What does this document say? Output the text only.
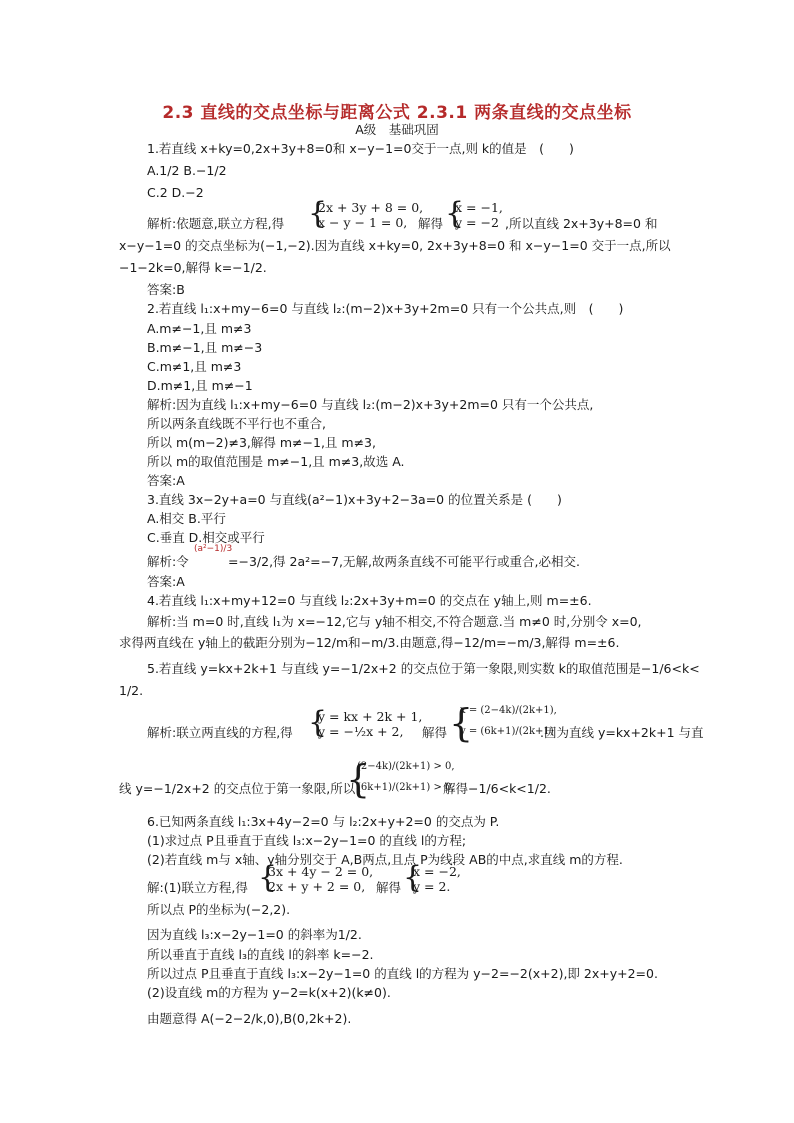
2.3 直线的交点坐标与距离公式 2.3.1 两条直线的交点坐标
A级　基础巩固
1.若直线 x+ky=0,2x+3y+8=0和 x−y−1=0交于一点,则 k的值是　(　　)
A.1/2 B.−1/2
C.2 D.−2
解析:依题意,联立方程,得 {
2x + 3y + 8 = 0,
x − y − 1 = 0, 解得 {
x = −1,
y = −2 ,所以直线 2x+3y+8=0 和
x−y−1=0 的交点坐标为(−1,−2).因为直线 x+ky=0, 2x+3y+8=0 和 x−y−1=0 交于一点,所以
−1−2k=0,解得 k=−1/2.
答案:B
2.若直线 l₁:x+my−6=0 与直线 l₂:(m−2)x+3y+2m=0 只有一个公共点,则　(　　)
A.m≠−1,且 m≠3
B.m≠−1,且 m≠−3
C.m≠1,且 m≠3
D.m≠1,且 m≠−1
解析:因为直线 l₁:x+my−6=0 与直线 l₂:(m−2)x+3y+2m=0 只有一个公共点,
所以两条直线既不平行也不重合,
所以 m(m−2)≠3,解得 m≠−1,且 m≠3,
所以 m的取值范围是 m≠−1,且 m≠3,故选 A.
答案:A
3.直线 3x−2y+a=0 与直线(a²−1)x+3y+2−3a=0 的位置关系是 (　　)
A.相交 B.平行
C.垂直 D.相交或平行
解析:令
(a²−1)/3
=−3/2,得 2a²=−7,无解,故两条直线不可能平行或重合,必相交.
答案:A
4.若直线 l₁:x+my+12=0 与直线 l₂:2x+3y+m=0 的交点在 y轴上,则 m=±6.
解析:当 m=0 时,直线 l₁为 x=−12,它与 y轴不相交,不符合题意.当 m≠0 时,分别令 x=0,
求得两直线在 y轴上的截距分别为−12/m和−m/3.由题意,得−12/m=−m/3,解得 m=±6.
5.若直线 y=kx+2k+1 与直线 y=−1/2x+2 的交点位于第一象限,则实数 k的取值范围是−1/6<k<
1/2.
解析:联立两直线的方程,得 {
y = kx + 2k + 1,
y = −½x + 2, 解得 {
x = (2−4k)/(2k+1),
y = (6k+1)/(2k+1)
.因为直线 y=kx+2k+1 与直
线 y=−1/2x+2 的交点位于第一象限,所以
{
(2−4k)/(2k+1) > 0,
(6k+1)/(2k+1) > 0,
解得−1/6<k<1/2.
6.已知两条直线 l₁:3x+4y−2=0 与 l₂:2x+y+2=0 的交点为 P.
(1)求过点 P且垂直于直线 l₃:x−2y−1=0 的直线 l的方程;
(2)若直线 m与 x轴、y轴分别交于 A,B两点,且点 P为线段 AB的中点,求直线 m的方程.
解:(1)联立方程,得 {
3x + 4y − 2 = 0,
2x + y + 2 = 0, 解得 {
x = −2,
y = 2.
所以点 P的坐标为(−2,2).
因为直线 l₃:x−2y−1=0 的斜率为1/2.
所以垂直于直线 l₃的直线 l的斜率 k=−2.
所以过点 P且垂直于直线 l₃:x−2y−1=0 的直线 l的方程为 y−2=−2(x+2),即 2x+y+2=0.
(2)设直线 m的方程为 y−2=k(x+2)(k≠0).
由题意得 A(−2−2/k,0),B(0,2k+2).
